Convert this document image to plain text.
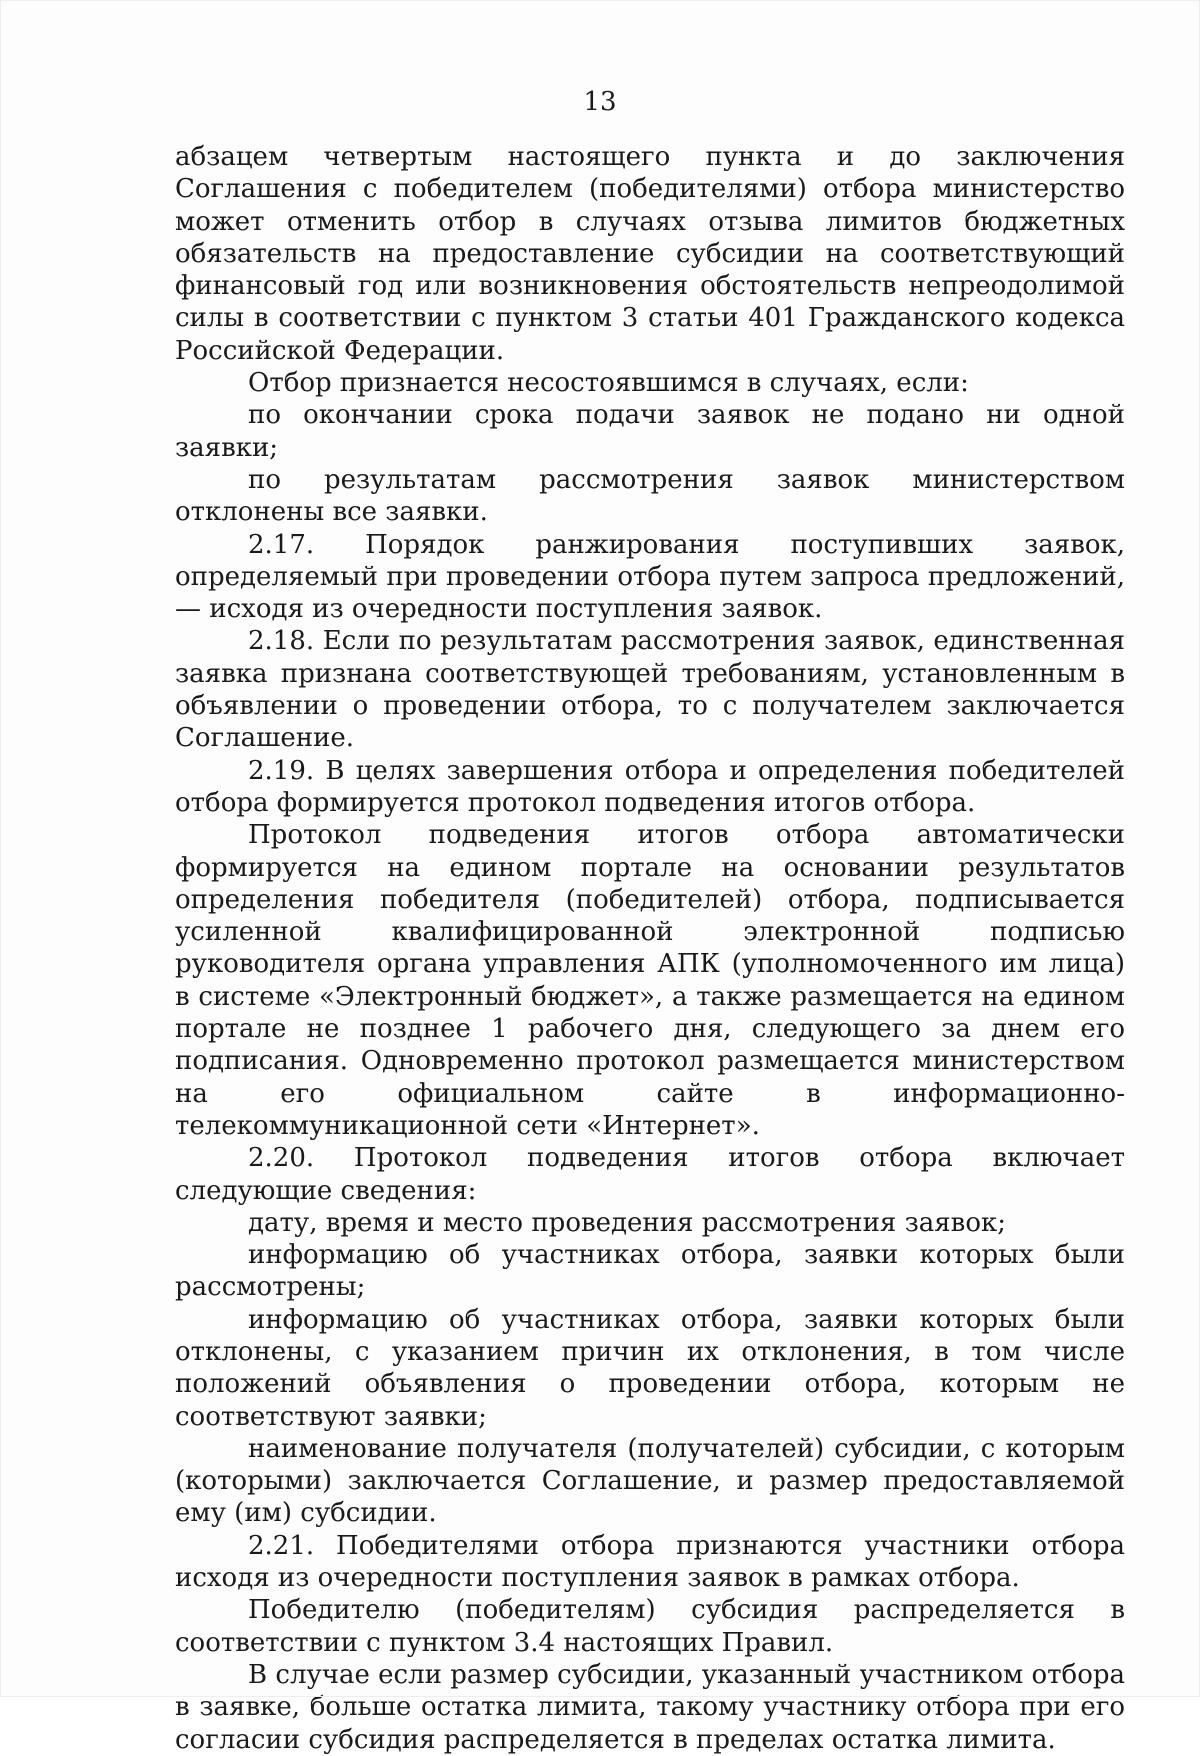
13

абзацем четвертым настоящего пункта и до заключения Соглашения с победителем (победителями) отбора министерство может отменить отбор в случаях отзыва лимитов бюджетных обязательств на предоставление субсидии на соответствующий финансовый год или возникновения обстоятельств непреодолимой силы в соответствии с пунктом 3 статьи 401 Гражданского кодекса Российской Федерации.

Отбор признается несостоявшимся в случаях, если:

по окончании срока подачи заявок не подано ни одной заявки;

по результатам рассмотрения заявок министерством отклонены все заявки.

2.17. Порядок ранжирования поступивших заявок, определяемый при проведении отбора путем запроса предложений, — исходя из очередности поступления заявок.

2.18. Если по результатам рассмотрения заявок, единственная заявка признана соответствующей требованиям, установленным в объявлении о проведении отбора, то с получателем заключается Соглашение.

2.19. В целях завершения отбора и определения победителей отбора формируется протокол подведения итогов отбора.

Протокол подведения итогов отбора автоматически формируется на едином портале на основании результатов определения победителя (победителей) отбора, подписывается усиленной квалифицированной электронной подписью руководителя органа управления АПК (уполномоченного им лица) в системе «Электронный бюджет», а также размещается на едином портале не позднее 1 рабочего дня, следующего за днем его подписания. Одновременно протокол размещается министерством на его официальном сайте в информационно-телекоммуникационной сети «Интернет».

2.20. Протокол подведения итогов отбора включает следующие сведения:

дату, время и место проведения рассмотрения заявок;

информацию об участниках отбора, заявки которых были рассмотрены;

информацию об участниках отбора, заявки которых были отклонены, с указанием причин их отклонения, в том числе положений объявления о проведении отбора, которым не соответствуют заявки;

наименование получателя (получателей) субсидии, с которым (которыми) заключается Соглашение, и размер предоставляемой ему (им) субсидии.

2.21. Победителями отбора признаются участники отбора исходя из очередности поступления заявок в рамках отбора.

Победителю (победителям) субсидия распределяется в соответствии с пунктом 3.4 настоящих Правил.

В случае если размер субсидии, указанный участником отбора в заявке, больше остатка лимита, такому участнику отбора при его согласии субсидия распределяется в пределах остатка лимита.
